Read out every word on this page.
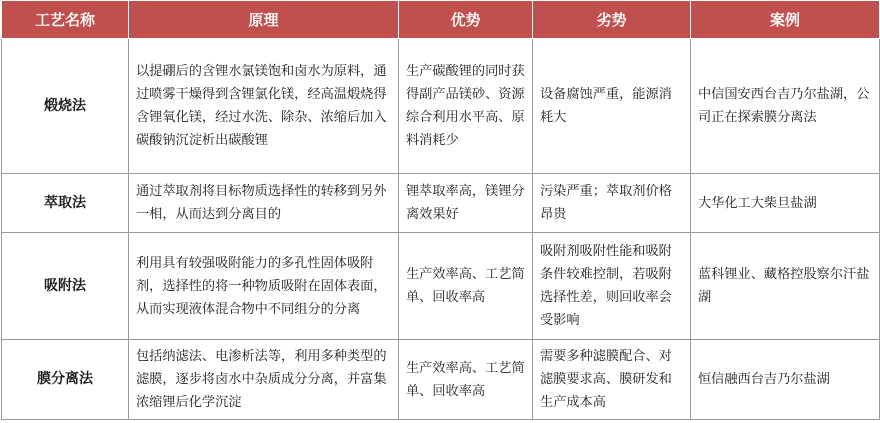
工艺名称	原理	优势	劣势	案例
煅烧法	以提硼后的含锂水氯镁饱和卤水为原料，通过喷雾干燥得到含锂氯化镁，经高温煅烧得含锂氧化镁，经过水洗、除杂、浓缩后加入碳酸钠沉淀析出碳酸锂	生产碳酸锂的同时获得副产品镁砂、资源综合利用水平高、原料消耗少	设备腐蚀严重，能源消耗大	中信国安西台吉乃尔盐湖，公司正在探索膜分离法
萃取法	通过萃取剂将目标物质选择性的转移到另外一相，从而达到分离目的	锂萃取率高，镁锂分离效果好	污染严重；萃取剂价格昂贵	大华化工大柴旦盐湖
吸附法	利用具有较强吸附能力的多孔性固体吸附剂，选择性的将一种物质吸附在固体表面，从而实现液体混合物中不同组分的分离	生产效率高、工艺简单、回收率高	吸附剂吸附性能和吸附条件较难控制，若吸附选择性差，则回收率会受影响	蓝科锂业、藏格控股察尔汗盐湖
膜分离法	包括纳滤法、电渗析法等，利用多种类型的滤膜，逐步将卤水中杂质成分分离，并富集浓缩锂后化学沉淀	生产效率高、工艺简单、回收率高	需要多种滤膜配合、对滤膜要求高、膜研发和生产成本高	恒信融西台吉乃尔盐湖
